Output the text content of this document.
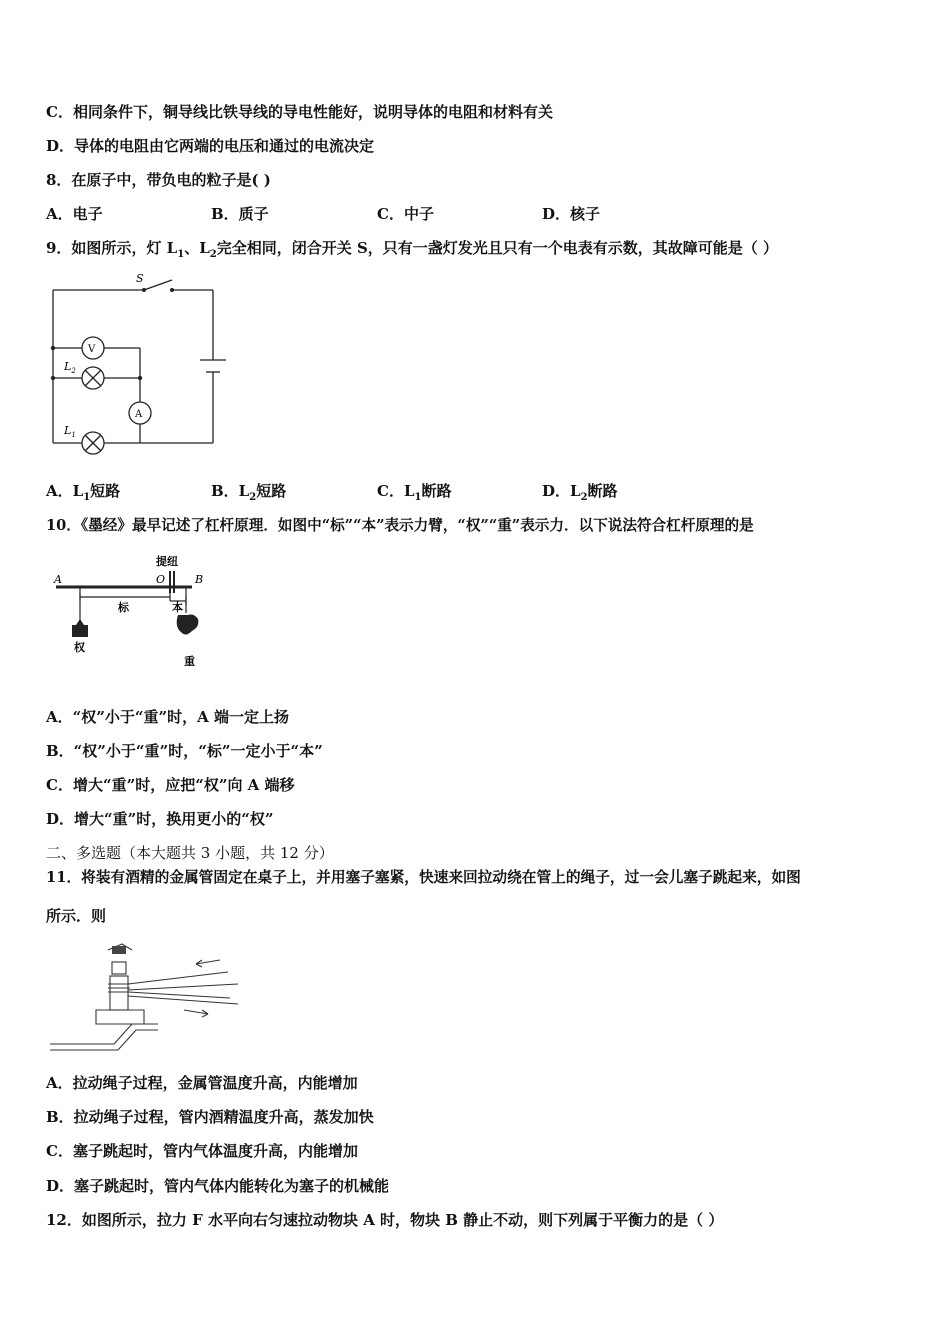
C．相同条件下，铜导线比铁导线的导电性能好，说明导体的电阻和材料有关
D．导体的电阻由它两端的电压和通过的电流决定
8．在原子中，带负电的粒子是( )
A．电子	B．质子	C．中子	D．核子
9．如图所示，灯 $L_1$、$L_2$完全相同，闭合开关 S，只有一盏灯发光且只有一个电表有示数，其故障可能是（ ）
S
V
A
$L_2$
$L_1$
A．$L_1$短路	B．$L_2$短路	C．$L_1$断路	D．$L_2$断路
10．《墨经》最早记述了杠杆原理．如图中“标”“本”表示力臂，“权”“重”表示力．以下说法符合杠杆原理的是
A	O	B
提纽
标	本
权
重
A．“权”小于“重”时，A 端一定上扬
B．“权”小于“重”时，“标”一定小于“本”
C．增大“重”时，应把“权”向 A 端移
D．增大“重”时，换用更小的“权”
二、多选题（本大题共 3 小题，共 12 分）
11．将装有酒精的金属管固定在桌子上，并用塞子塞紧，快速来回拉动绕在管上的绳子，过一会儿塞子跳起来，如图
所示．则
A．拉动绳子过程，金属管温度升高，内能增加
B．拉动绳子过程，管内酒精温度升高，蒸发加快
C．塞子跳起时，管内气体温度升高，内能增加
D．塞子跳起时，管内气体内能转化为塞子的机械能
12．如图所示，拉力 F 水平向右匀速拉动物块 A 时，物块 B 静止不动，则下列属于平衡力的是（ ）
